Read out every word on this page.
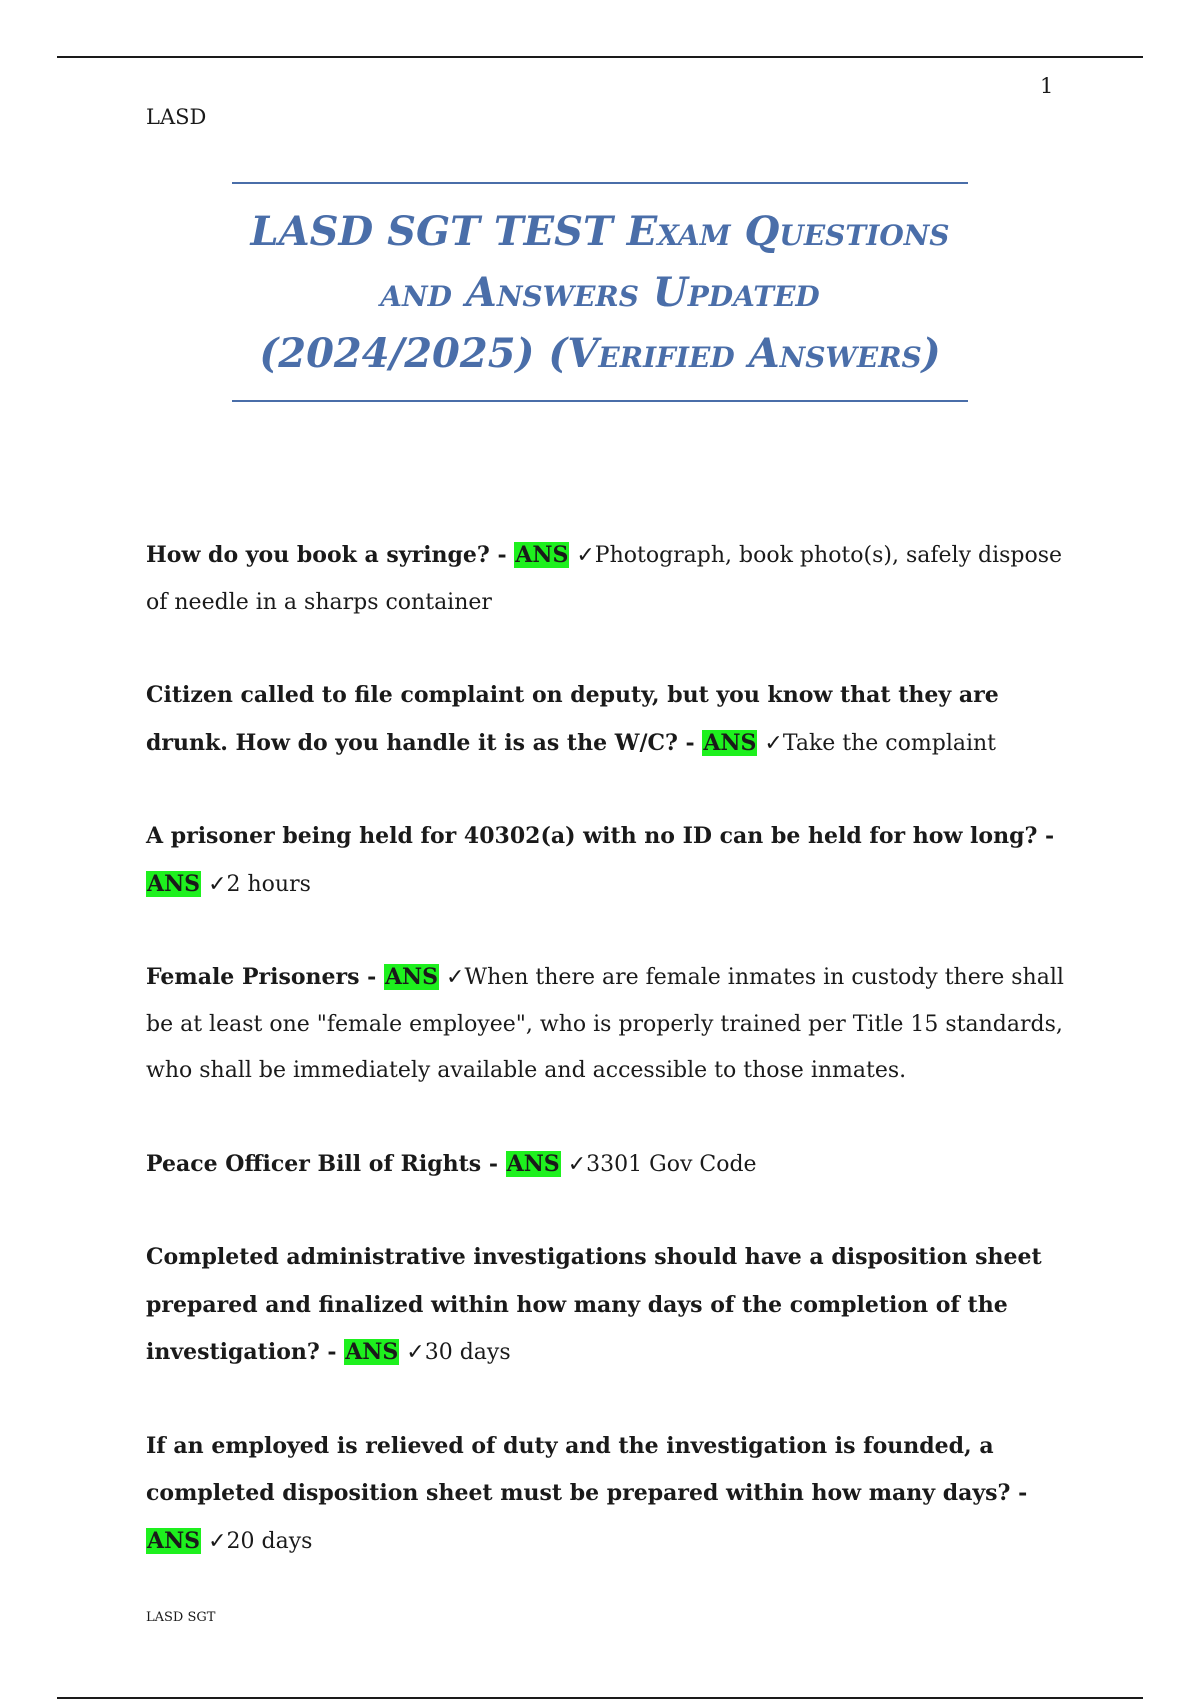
1
LASD
LASD SGT TEST Exam Questions and Answers Updated (2024/2025) (Verified Answers)

How do you book a syringe? - ANS ✓Photograph, book photo(s), safely dispose of needle in a sharps container

Citizen called to file complaint on deputy, but you know that they are drunk. How do you handle it is as the W/C? - ANS ✓Take the complaint

A prisoner being held for 40302(a) with no ID can be held for how long? - ANS ✓2 hours

Female Prisoners - ANS ✓When there are female inmates in custody there shall be at least one "female employee", who is properly trained per Title 15 standards, who shall be immediately available and accessible to those inmates.

Peace Officer Bill of Rights - ANS ✓3301 Gov Code

Completed administrative investigations should have a disposition sheet prepared and finalized within how many days of the completion of the investigation? - ANS ✓30 days

If an employed is relieved of duty and the investigation is founded, a completed disposition sheet must be prepared within how many days? - ANS ✓20 days

LASD SGT
